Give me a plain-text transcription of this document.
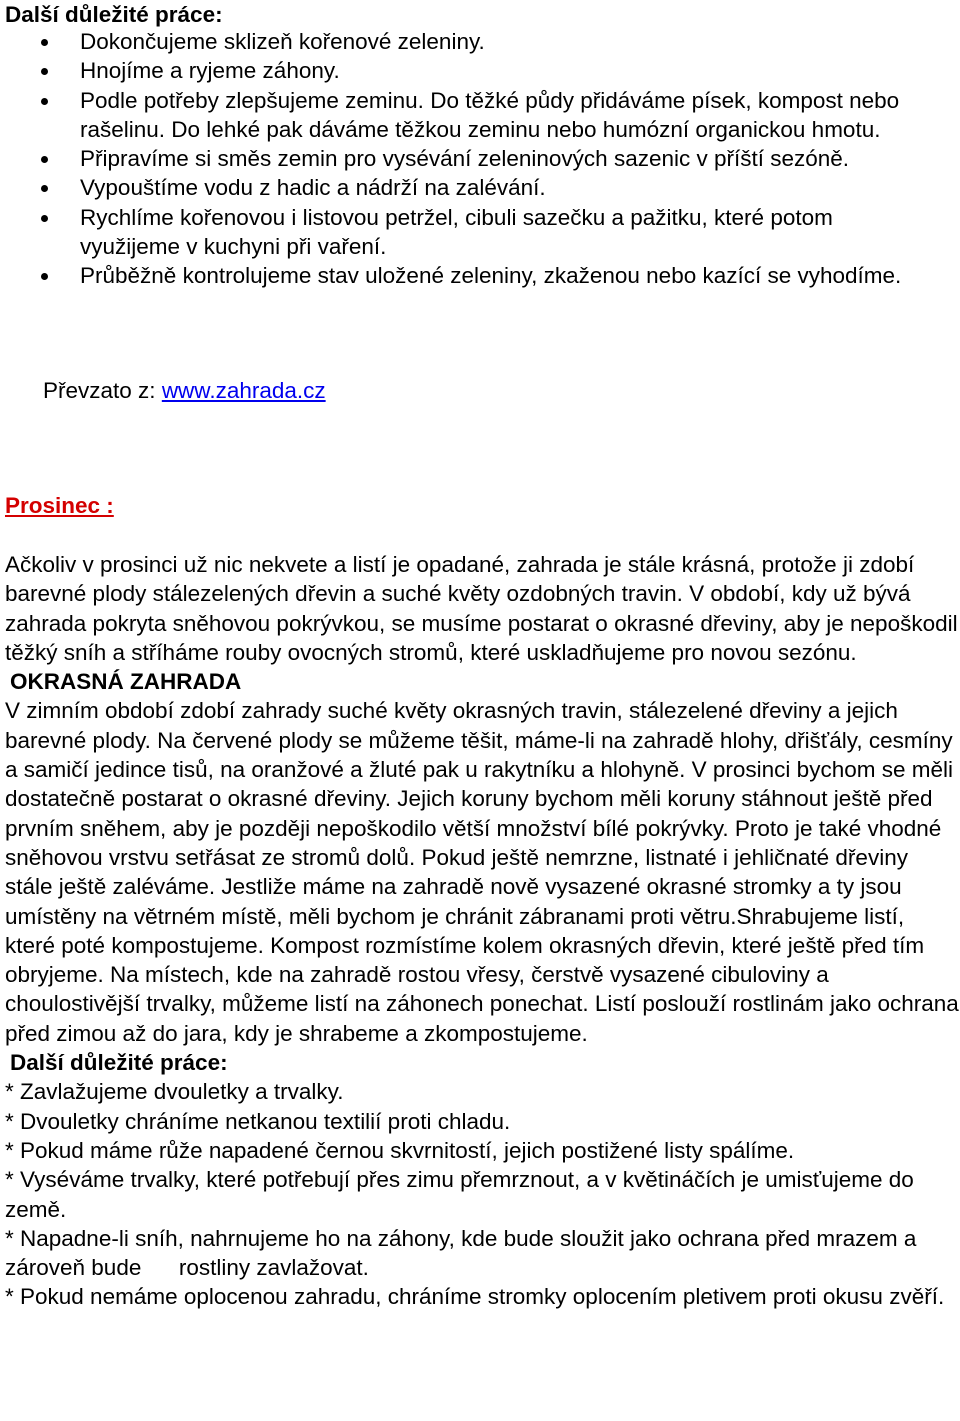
Další důležité práce:
Dokončujeme sklizeň kořenové zeleniny.
Hnojíme a ryjeme záhony.
Podle potřeby zlepšujeme zeminu. Do těžké půdy přidáváme písek, kompost nebo rašelinu. Do lehké pak dáváme těžkou zeminu nebo humózní organickou hmotu.
Připravíme si směs zemin pro vysévání zeleninových sazenic v příští sezóně.
Vypouštíme vodu z hadic a nádrží na zalévání.
Rychlíme kořenovou i listovou petržel, cibuli sazečku a pažitku, které potom využijeme v kuchyni při vaření.
Průběžně kontrolujeme stav uložené zeleniny, zkaženou nebo kazící se vyhodíme.
Převzato z: www.zahrada.cz
Prosinec :

Ačkoliv v prosinci už nic nekvete a listí je opadané, zahrada je stále krásná, protože ji zdobí barevné plody stálezelených dřevin a suché květy ozdobných travin. V období, kdy už bývá zahrada pokryta sněhovou pokrývkou, se musíme postarat o okrasné dřeviny, aby je nepoškodil těžký sníh a stříháme rouby ovocných stromů, které uskladňujeme pro novou sezónu.

OKRASNÁ ZAHRADA

V zimním období zdobí zahrady suché květy okrasných travin, stálezelené dřeviny a jejich barevné plody. Na červené plody se můžeme těšit, máme-li na zahradě hlohy, dřišťály, cesmíny a samičí jedince tisů, na oranžové a žluté pak u rakytníku a hlohyně. V prosinci bychom se měli dostatečně postarat o okrasné dřeviny. Jejich koruny bychom měli koruny stáhnout ještě před prvním sněhem, aby je později nepoškodilo větší množství bílé pokrývky. Proto je také vhodné sněhovou vrstvu setřásat ze stromů dolů. Pokud ještě nemrzne, listnaté i jehličnaté dřeviny stále ještě zaléváme. Jestliže máme na zahradě nově vysazené okrasné stromky a ty jsou umístěny na větrném místě, měli bychom je chránit zábranami proti větru.Shrabujeme listí, které poté kompostujeme. Kompost rozmístíme kolem okrasných dřevin, které ještě před tím obryjeme. Na místech, kde na zahradě rostou vřesy, čerstvě vysazené cibuloviny a choulostivější trvalky, můžeme listí na záhonech ponechat. Listí poslouží rostlinám jako ochrana před zimou až do jara, kdy je shrabeme a zkompostujeme.

Další důležité práce:

* Zavlažujeme dvouletky a trvalky.

* Dvouletky chráníme netkanou textilií proti chladu.

* Pokud máme růže napadené černou skvrnitostí, jejich postižené listy spálíme.

* Vyséváme trvalky, které potřebují přes zimu přemrznout, a v květináčích je umisťujeme do země.

* Napadne-li sníh, nahrnujeme ho na záhony, kde bude sloužit jako ochrana před mrazem a zároveň bude      rostliny zavlažovat.

* Pokud nemáme oplocenou zahradu, chráníme stromky oplocením pletivem proti okusu zvěří.
